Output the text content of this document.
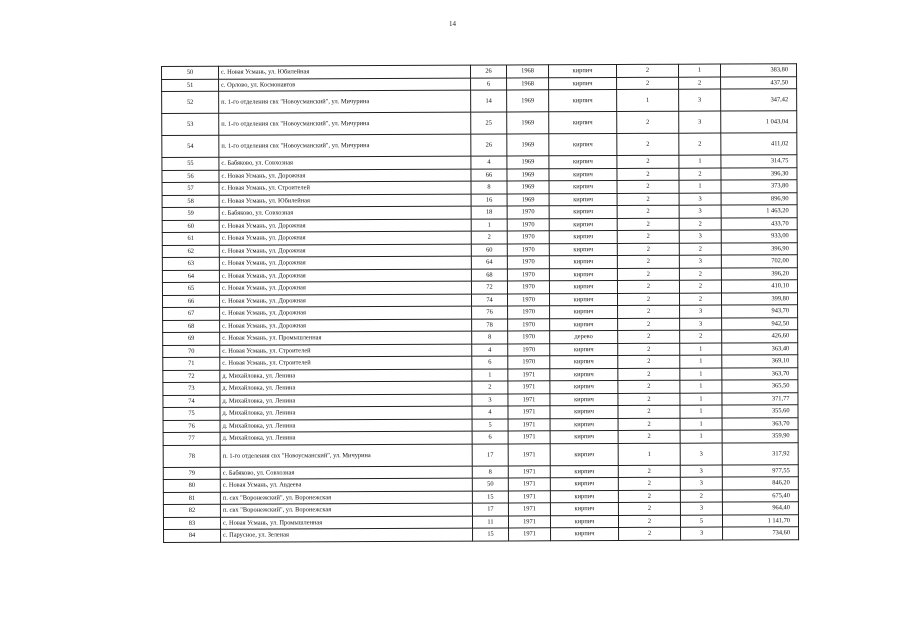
14
50	с. Новая Усмань, ул. Юбилейная	26	1968	кирпич	2	1	383,80
51	с. Орлово, ул. Космонавтов	6	1968	кирпич	2	2	437,50
52	п. 1-го отделения свх "Новоусманский", ул. Мичурина	14	1969	кирпич	1	3	347,42
53	п. 1-го отделения свх "Новоусманский", ул. Мичурина	25	1969	кирпич	2	3	1 043,04
54	п. 1-го отделения свх "Новоусманский", ул. Мичурина	26	1969	кирпич	2	2	411,02
55	с. Бабяково, ул. Совхозная	4	1969	кирпич	2	1	314,75
56	с. Новая Усмань, ул. Дорожная	66	1969	кирпич	2	2	396,30
57	с. Новая Усмань, ул. Строителей	8	1969	кирпич	2	1	373,80
58	с. Новая Усмань, ул. Юбилейная	16	1969	кирпич	2	3	896,90
59	с. Бабяково, ул. Совхозная	18	1970	кирпич	2	3	1 463,20
60	с. Новая Усмань, ул. Дорожная	1	1970	кирпич	2	2	433,70
61	с. Новая Усмань, ул. Дорожная	2	1970	кирпич	2	3	933,00
62	с. Новая Усмань, ул. Дорожная	60	1970	кирпич	2	2	396,90
63	с. Новая Усмань, ул. Дорожная	64	1970	кирпич	2	3	702,00
64	с. Новая Усмань, ул. Дорожная	68	1970	кирпич	2	2	396,20
65	с. Новая Усмань, ул. Дорожная	72	1970	кирпич	2	2	410,10
66	с. Новая Усмань, ул. Дорожная	74	1970	кирпич	2	2	399,80
67	с. Новая Усмань, ул. Дорожная	76	1970	кирпич	2	3	943,70
68	с. Новая Усмань, ул. Дорожная	78	1970	кирпич	2	3	942,50
69	с. Новая Усмань, ул. Промышленная	8	1970	дерево	2	2	426,60
70	с. Новая Усмань, ул. Строителей	4	1970	кирпич	2	1	363,40
71	с. Новая Усмань, ул. Строителей	6	1970	кирпич	2	1	369,10
72	д. Михайловка, ул. Ленина	1	1971	кирпич	2	1	363,70
73	д. Михайловка, ул. Ленина	2	1971	кирпич	2	1	365,50
74	д. Михайловка, ул. Ленина	3	1971	кирпич	2	1	371,77
75	д. Михайловка, ул. Ленина	4	1971	кирпич	2	1	355,60
76	д. Михайловка, ул. Ленина	5	1971	кирпич	2	1	363,70
77	д. Михайловка, ул. Ленина	6	1971	кирпич	2	1	359,90
78	п. 1-го отделения свх "Новоусманский", ул. Мичурина	17	1971	кирпич	1	3	317,92
79	с. Бабяково, ул. Совхозная	8	1971	кирпич	2	3	977,55
80	с. Новая Усмань, ул. Авдеева	50	1971	кирпич	2	3	846,20
81	п. свх "Воронежский", ул. Воронежская	15	1971	кирпич	2	2	675,40
82	п. свх "Воронежский", ул. Воронежская	17	1971	кирпич	2	3	964,40
83	с. Новая Усмань, ул. Промышленная	11	1971	кирпич	2	5	1 141,70
84	с. Парусное, ул. Зеленая	15	1971	кирпич	2	3	734,60
